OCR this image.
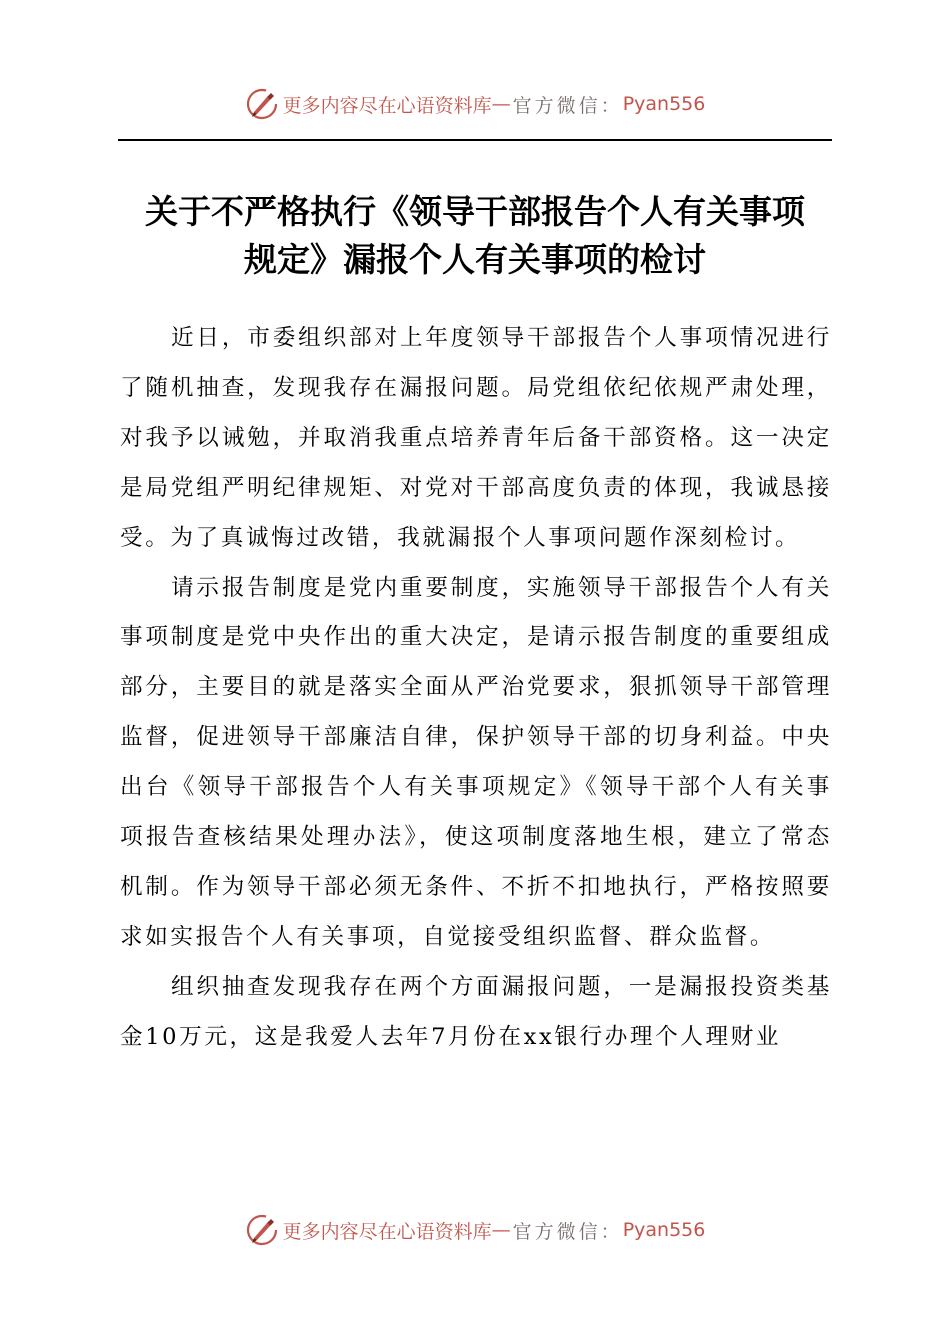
更多内容尽在心语资料库 — 官方微信： Pyan556
关于不严格执行《领导干部报告个人有关事项
规定》漏报个人有关事项的检讨

近日，市委组织部对上年度领导干部报告个人事项情况进行了随机抽查，发现我存在漏报问题。局党组依纪依规严肃处理，对我予以诫勉，并取消我重点培养青年后备干部资格。这一决定是局党组严明纪律规矩、对党对干部高度负责的体现，我诚恳接受。为了真诚悔过改错，我就漏报个人事项问题作深刻检讨。

请示报告制度是党内重要制度，实施领导干部报告个人有关事项制度是党中央作出的重大决定，是请示报告制度的重要组成部分，主要目的就是落实全面从严治党要求，狠抓领导干部管理监督，促进领导干部廉洁自律，保护领导干部的切身利益。中央出台《领导干部报告个人有关事项规定》《领导干部个人有关事项报告查核结果处理办法》，使这项制度落地生根，建立了常态机制。作为领导干部必须无条件、不折不扣地执行，严格按照要求如实报告个人有关事项，自觉接受组织监督、群众监督。

组织抽查发现我存在两个方面漏报问题，一是漏报投资类基金10万元，这是我爱人去年7月份在xx银行办理个人理财业

更多内容尽在心语资料库 — 官方微信： Pyan556
